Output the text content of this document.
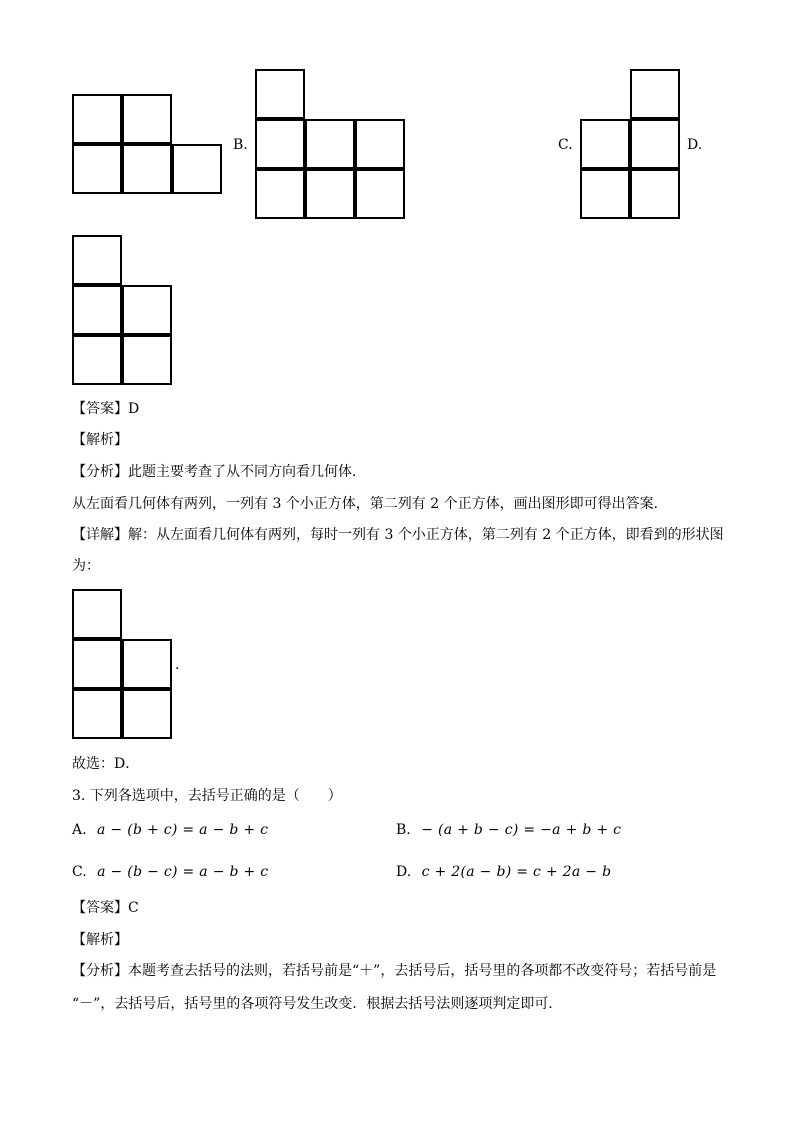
B.	C.	D.
【答案】D
【解析】
【分析】此题主要考查了从不同方向看几何体．
从左面看几何体有两列，一列有 3 个小正方体，第二列有 2 个正方体，画出图形即可得出答案．
【详解】解：从左面看几何体有两列，每时一列有 3 个小正方体，第二列有 2 个正方体，即看到的形状图
为：
.
故选：D．
3. 下列各选项中，去括号正确的是（　　）
A. a − (b + c) = a − b + c	B. − (a + b − c) = −a + b + c
C. a − (b − c) = a − b + c	D. c + 2(a − b) = c + 2a − b
【答案】C
【解析】
【分析】本题考查去括号的法则，若括号前是“＋”，去括号后，括号里的各项都不改变符号；若括号前是
“－”，去括号后，括号里的各项符号发生改变．根据去括号法则逐项判定即可．
